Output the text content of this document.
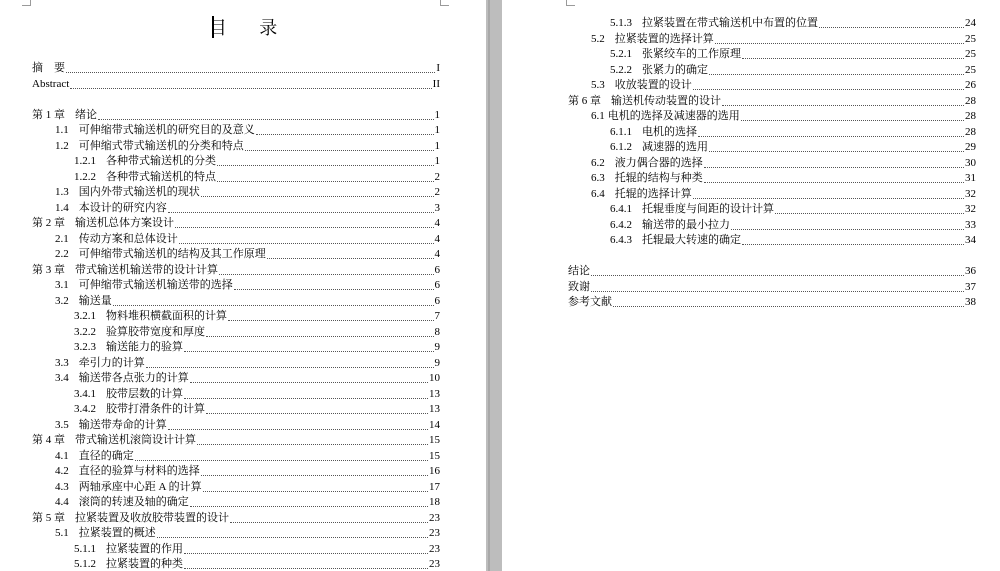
目 录
摘　要	I
Abstract	II
第 1 章 绪论	1
1.1 可伸缩带式输送机的研究目的及意义	1
1.2 可伸缩式带式输送机的分类和特点	1
1.2.1 各种带式输送机的分类	1
1.2.2 各种带式输送机的特点	2
1.3 国内外带式输送机的现状	2
1.4 本设计的研究内容	3
第 2 章 输送机总体方案设计	4
2.1 传动方案和总体设计	4
2.2 可伸缩带式输送机的结构及其工作原理	4
第 3 章 带式输送机输送带的设计计算	6
3.1 可伸缩带式输送机输送带的选择	6
3.2 输送量	6
3.2.1 物料堆积横截面积的计算	7
3.2.2 验算胶带宽度和厚度	8
3.2.3 输送能力的验算	9
3.3 牵引力的计算	9
3.4 输送带各点张力的计算	10
3.4.1 胶带层数的计算	13
3.4.2 胶带打滑条件的计算	13
3.5 输送带寿命的计算	14
第 4 章 带式输送机滚筒设计计算	15
4.1 直径的确定	15
4.2 直径的验算与材料的选择	16
4.3 两轴承座中心距 A 的计算	17
4.4 滚筒的转速及轴的确定	18
第 5 章 拉紧装置及收放胶带装置的设计	23
5.1 拉紧装置的概述	23
5.1.1 拉紧装置的作用	23
5.1.2 拉紧装置的种类	23
5.1.3 拉紧装置在带式输送机中布置的位置	24
5.2 拉紧装置的选择计算	25
5.2.1 张紧绞车的工作原理	25
5.2.2 张紧力的确定	25
5.3 收放装置的设计	26
第 6 章 输送机传动装置的设计	28
6.1 电机的选择及减速器的选用	28
6.1.1 电机的选择	28
6.1.2 减速器的选用	29
6.2 液力偶合器的选择	30
6.3 托辊的结构与种类	31
6.4 托辊的选择计算	32
6.4.1 托辊垂度与间距的设计计算	32
6.4.2 输送带的最小拉力	33
6.4.3 托辊最大转速的确定	34
结论	36
致谢	37
参考文献	38
